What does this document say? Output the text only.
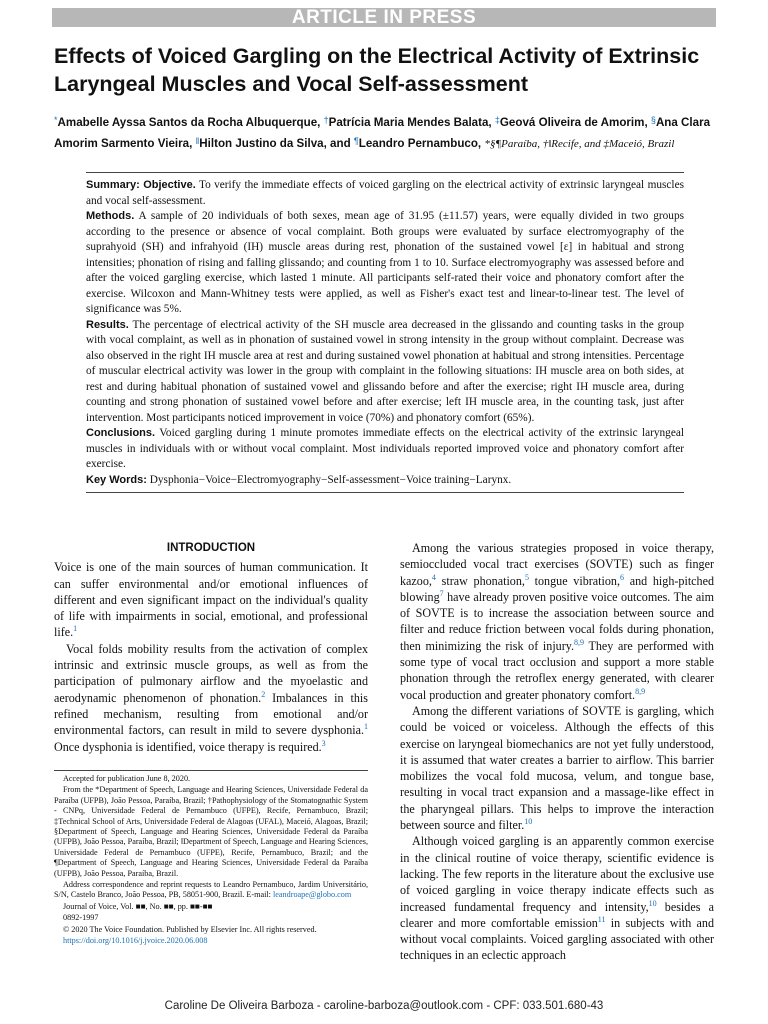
ARTICLE IN PRESS
Effects of Voiced Gargling on the Electrical Activity of Extrinsic Laryngeal Muscles and Vocal Self-assessment
*Amabelle Ayssa Santos da Rocha Albuquerque, †Patrícia Maria Mendes Balata, ‡Geová Oliveira de Amorim, §Ana Clara Amorim Sarmento Vieira, ‖Hilton Justino da Silva, and ¶Leandro Pernambuco, *§¶Paraíba, †‖Recife, and ‡Maceió, Brazil

Summary: Objective. To verify the immediate effects of voiced gargling on the electrical activity of extrinsic laryngeal muscles and vocal self-assessment.

Methods. A sample of 20 individuals of both sexes, mean age of 31.95 (±11.57) years, were equally divided in two groups according to the presence or absence of vocal complaint. Both groups were evaluated by surface electromyography of the suprahyoid (SH) and infrahyoid (IH) muscle areas during rest, phonation of the sustained vowel [ɛ] in habitual and strong intensities; phonation of rising and falling glissando; and counting from 1 to 10. Surface electromyography was assessed before and after the voiced gargling exercise, which lasted 1 minute. All participants self-rated their voice and phonatory comfort after the exercise. Wilcoxon and Mann-Whitney tests were applied, as well as Fisher's exact test and linear-to-linear test. The level of significance was 5%.

Results. The percentage of electrical activity of the SH muscle area decreased in the glissando and counting tasks in the group with vocal complaint, as well as in phonation of sustained vowel in strong intensity in the group without complaint. Decrease was also observed in the right IH muscle area at rest and during sustained vowel phonation at habitual and strong intensities. Percentage of muscular electrical activity was lower in the group with complaint in the following situations: IH muscle area on both sides, at rest and during habitual phonation of sustained vowel and glissando before and after the exercise; right IH muscle area, during counting and strong phonation of sustained vowel before and after exercise; left IH muscle area, in the counting task, just after intervention. Most participants noticed improvement in voice (70%) and phonatory comfort (65%).

Conclusions. Voiced gargling during 1 minute promotes immediate effects on the electrical activity of the extrinsic laryngeal muscles in individuals with or without vocal complaint. Most individuals reported improved voice and phonatory comfort after exercise.

Key Words: Dysphonia−Voice−Electromyography−Self-assessment−Voice training−Larynx.

INTRODUCTION

Voice is one of the main sources of human communication. It can suffer environmental and/or emotional influences of different and even significant impact on the individual's quality of life with impairments in social, emotional, and professional life.$^1$

Vocal folds mobility results from the activation of complex intrinsic and extrinsic muscle groups, as well as from the participation of pulmonary airflow and the myoelastic and aerodynamic phenomenon of phonation.$^2$ Imbalances in this refined mechanism, resulting from emotional and/or environmental factors, can result in mild to severe dysphonia.$^1$ Once dysphonia is identified, voice therapy is required.$^3$

Accepted for publication June 8, 2020.

From the *Department of Speech, Language and Hearing Sciences, Universidade Federal da Paraíba (UFPB), João Pessoa, Paraíba, Brazil; †Pathophysiology of the Stomatognathic System - CNPq, Universidade Federal de Pernambuco (UFPE), Recife, Pernambuco, Brazil; ‡Technical School of Arts, Universidade Federal de Alagoas (UFAL), Maceió, Alagoas, Brazil; §Department of Speech, Language and Hearing Sciences, Universidade Federal da Paraíba (UFPB), João Pessoa, Paraíba, Brazil; ‖Department of Speech, Language and Hearing Sciences, Universidade Federal de Pernambuco (UFPE), Recife, Pernambuco, Brazil; and the ¶Department of Speech, Language and Hearing Sciences, Universidade Federal da Paraíba (UFPB), João Pessoa, Paraíba, Brazil.

Address correspondence and reprint requests to Leandro Pernambuco, Jardim Universitário, S/N, Castelo Branco, João Pessoa, PB, 58051-900, Brazil. E-mail: leandroape@globo.com

Journal of Voice, Vol. ■■, No. ■■, pp. ■■-■■

0892-1997

© 2020 The Voice Foundation. Published by Elsevier Inc. All rights reserved.

https://doi.org/10.1016/j.jvoice.2020.06.008

Among the various strategies proposed in voice therapy, semioccluded vocal tract exercises (SOVTE) such as finger kazoo,$^4$ straw phonation,$^5$ tongue vibration,$^6$ and high-pitched blowing$^7$ have already proven positive voice outcomes. The aim of SOVTE is to increase the association between source and filter and reduce friction between vocal folds during phonation, then minimizing the risk of injury.$^{8,9}$ They are performed with some type of vocal tract occlusion and support a more stable phonation through the retroflex energy generated, with clearer vocal production and greater phonatory comfort.$^{8,9}$

Among the different variations of SOVTE is gargling, which could be voiced or voiceless. Although the effects of this exercise on laryngeal biomechanics are not yet fully understood, it is assumed that water creates a barrier to airflow. This barrier mobilizes the vocal fold mucosa, velum, and tongue base, resulting in vocal tract expansion and a massage-like effect in the pharyngeal pillars. This helps to improve the interaction between source and filter.$^{10}$

Although voiced gargling is an apparently common exercise in the clinical routine of voice therapy, scientific evidence is lacking. The few reports in the literature about the exclusive use of voiced gargling in voice therapy indicate effects such as increased fundamental frequency and intensity,$^{10}$ besides a clearer and more comfortable emission$^{11}$ in subjects with and without vocal complaints. Voiced gargling associated with other techniques in an eclectic approach

Caroline De Oliveira Barboza - caroline-barboza@outlook.com - CPF: 033.501.680-43
